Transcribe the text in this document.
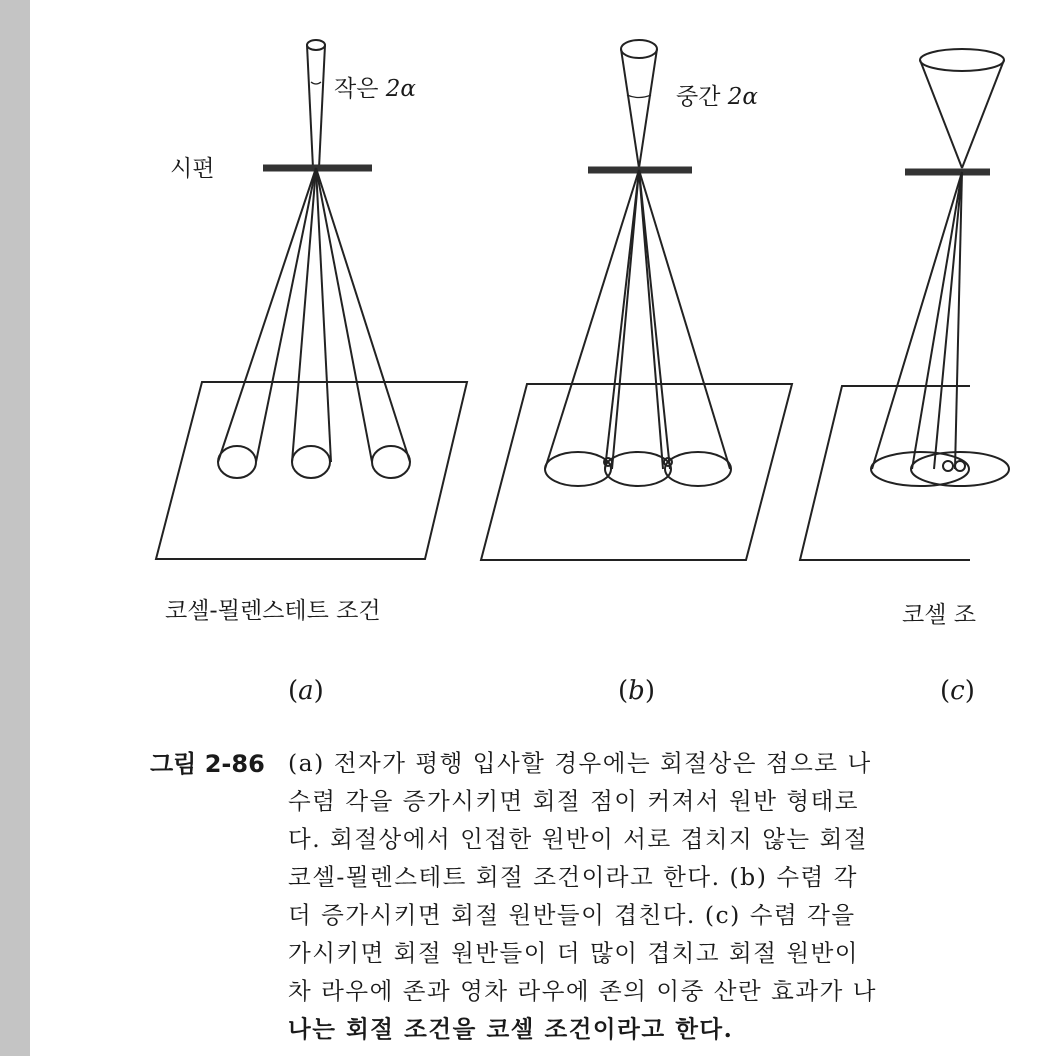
작은 2α
시편
중간 2α
코셀-묄렌스테트 조건	코셀 조
(a)	(b)	(c)
그림 2-86 (a) 전자가 평행 입사할 경우에는 회절상은 점으로 나
수렴 각을 증가시키면 회절 점이 커져서 원반 형태로
다. 회절상에서 인접한 원반이 서로 겹치지 않는 회절
코셀-묄렌스테트 회절 조건이라고 한다. (b) 수렴 각
더 증가시키면 회절 원반들이 겹친다. (c) 수렴 각을
가시키면 회절 원반들이 더 많이 겹치고 회절 원반이
차 라우에 존과 영차 라우에 존의 이중 산란 효과가 나
나는 회절 조건을 코셀 조건이라고 한다.
